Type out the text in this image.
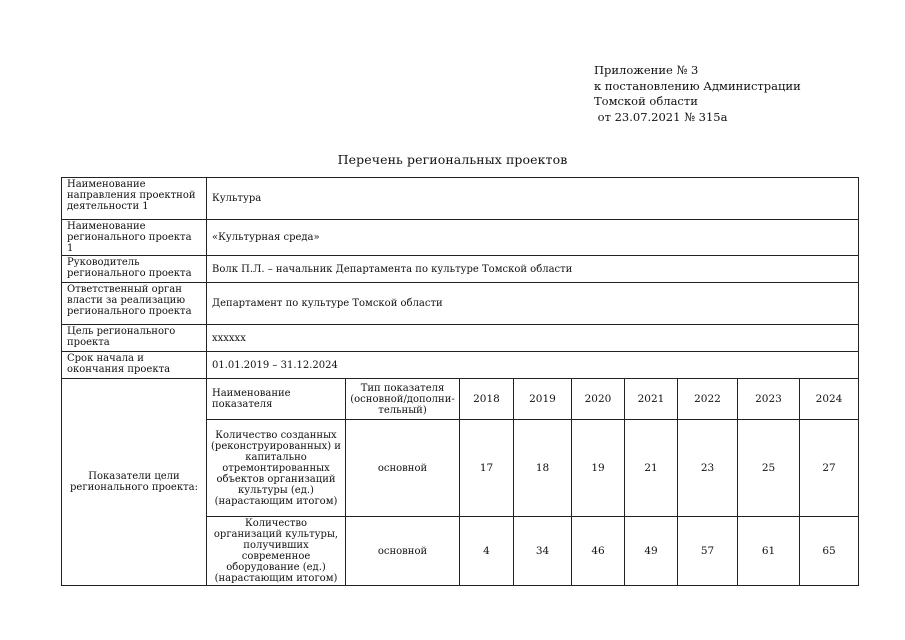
Приложение № 3
к постановлению Администрации
Томской области
от 23.07.2021 № 315а
Перечень региональных проектов
Наименование направления проектной деятельности 1	Культура								
Наименование регионального проекта 1	«Культурная среда»								
Руководитель регионального проекта	Волк П.Л. – начальник Департамента по культуре Томской области								
Ответственный орган власти за реализацию регионального проекта	Департамент по культуре Томской области								
Цель регионального проекта	xxxxxx								
Срок начала и окончания проекта	01.01.2019 – 31.12.2024								
Показатели цели регионального проекта:	Наименование показателя	Тип показателя (основной/дополни-тельный)	2018	2019	2020	2021	2022	2023	2024
	Количество созданных (реконструированных) и капитально отремонтированных объектов организаций культуры (ед.) (нарастающим итогом)	основной	17	18	19	21	23	25	27
	Количество организаций культуры, получивших современное оборудование (ед.) (нарастающим итогом)	основной	4	34	46	49	57	61	65
